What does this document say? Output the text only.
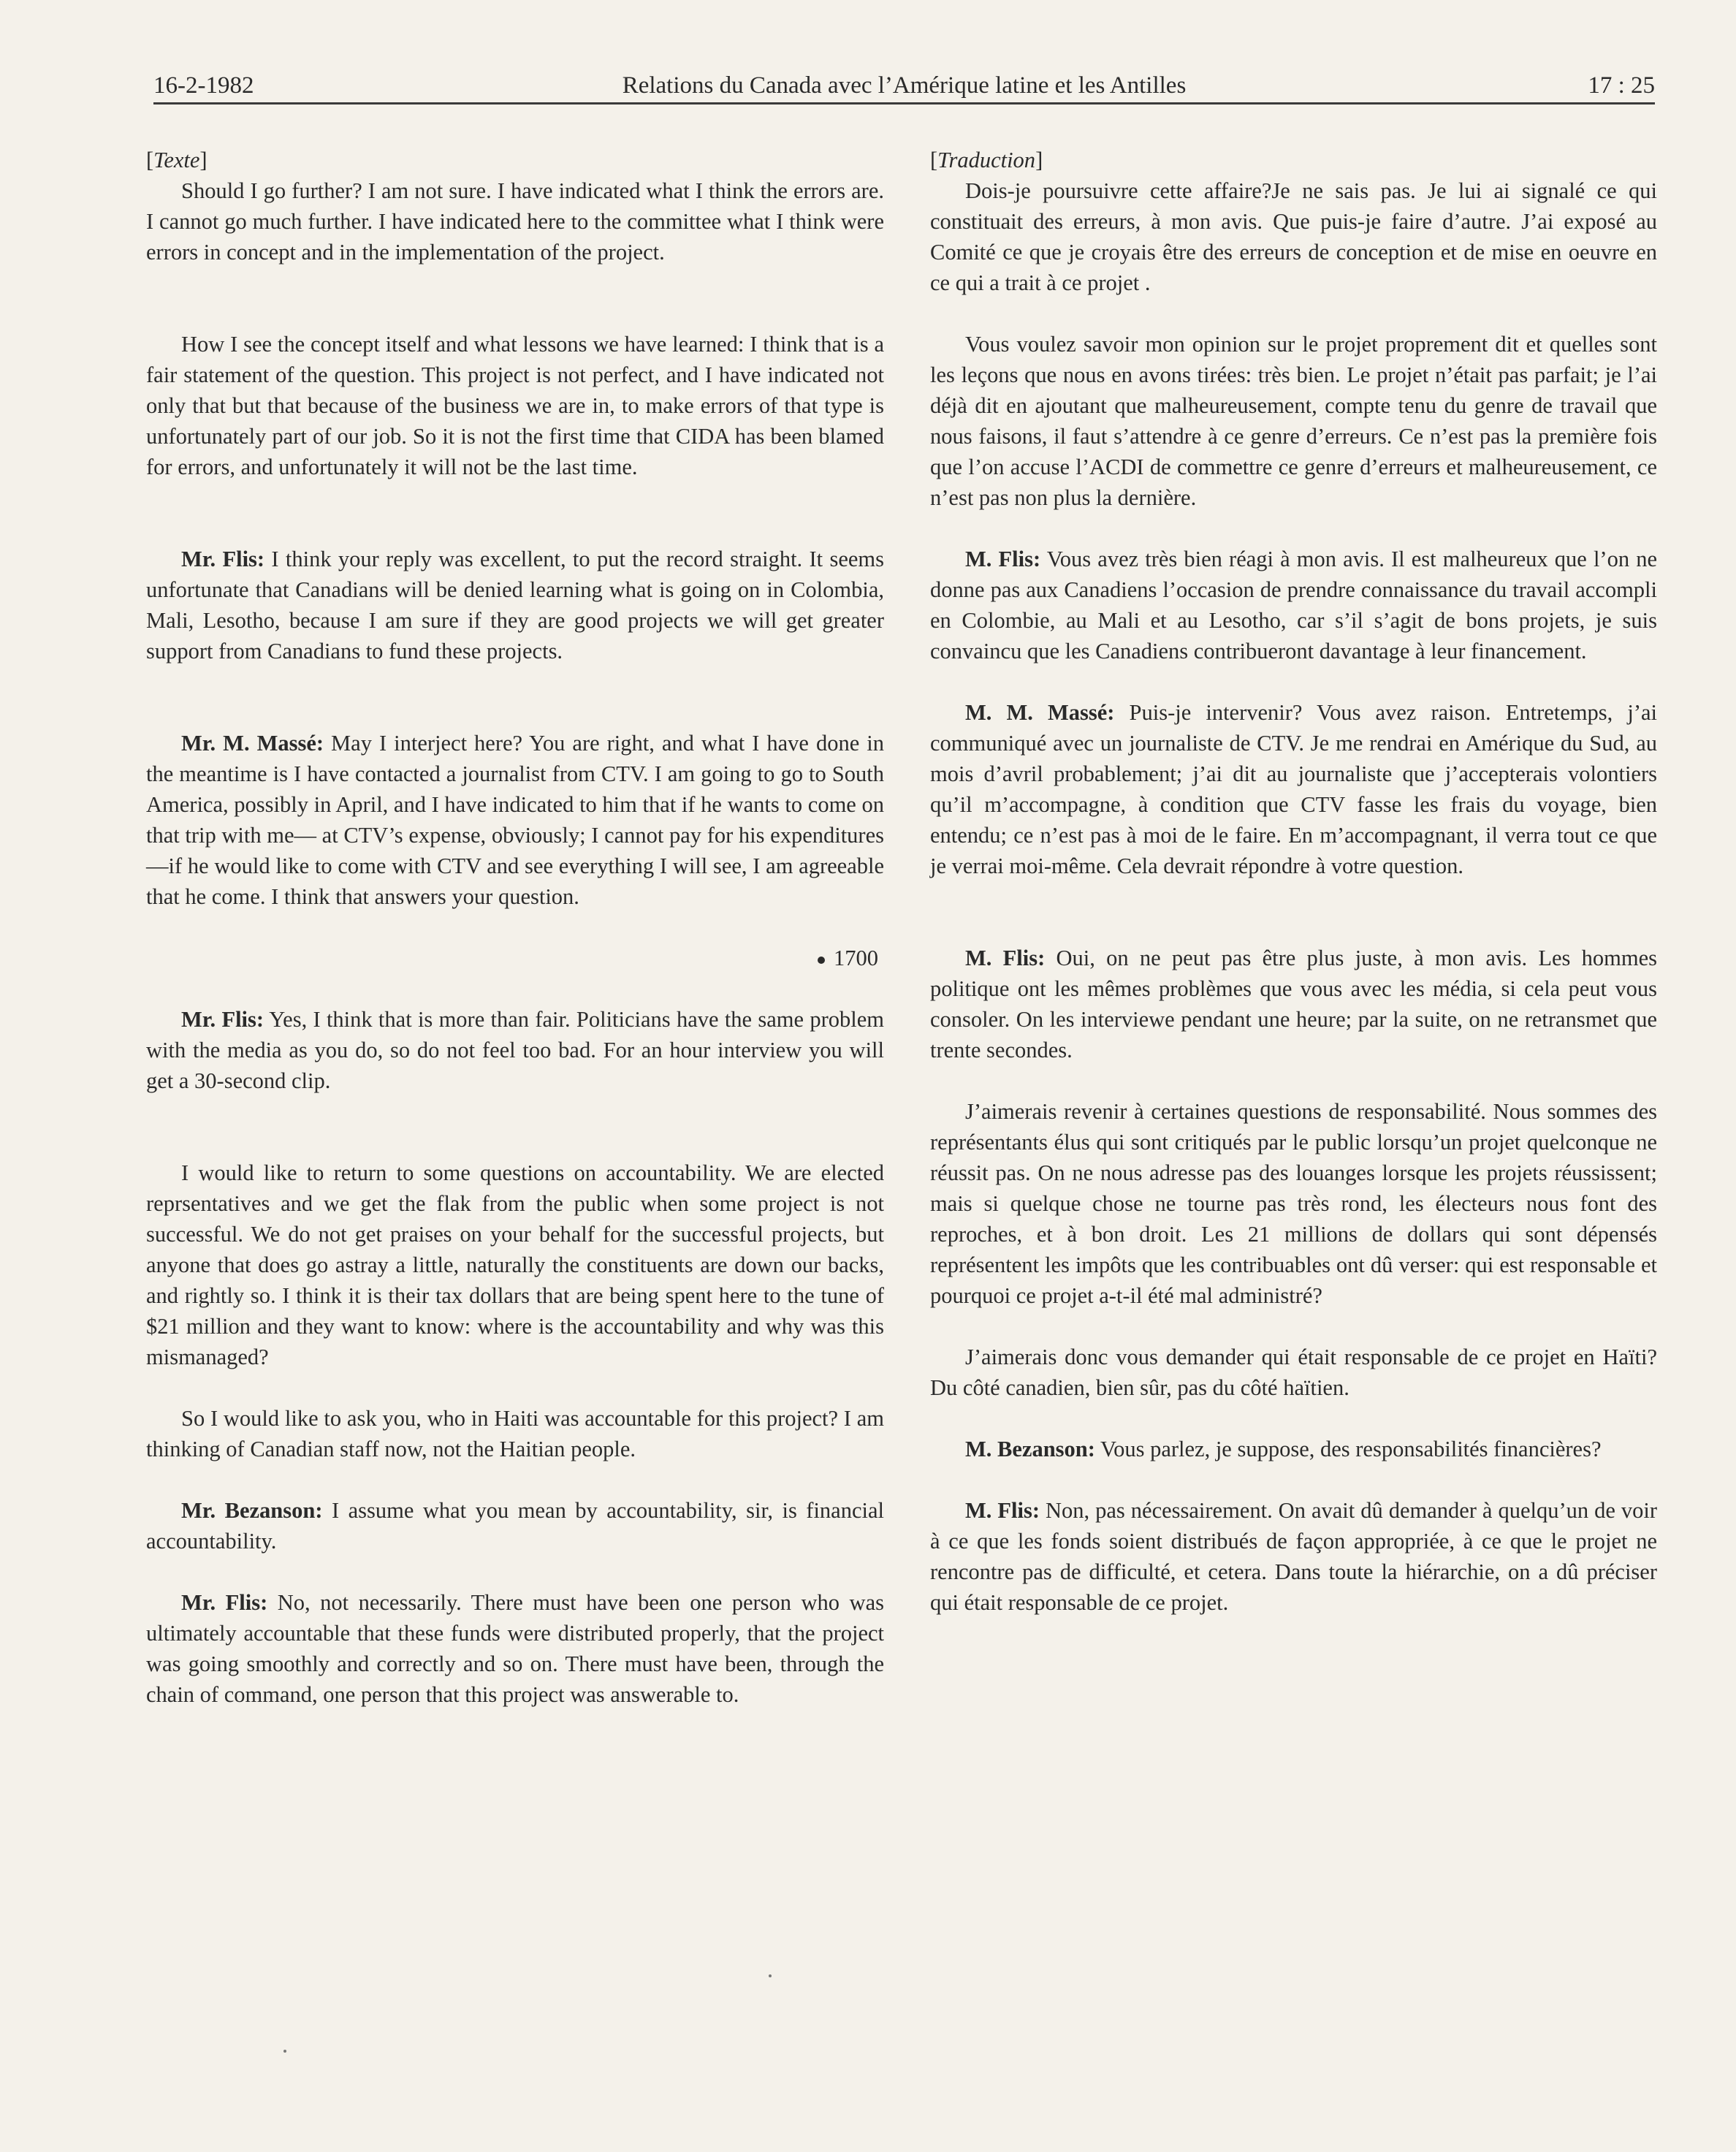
16-2-1982	Relations du Canada avec l’Amérique latine et les Antilles	17 : 25

[Texte]

Should I go further? I am not sure. I have indicated what I think the errors are. I cannot go much further. I have indicated here to the committee what I think were errors in concept and in the implementation of the project.

How I see the concept itself and what lessons we have learned: I think that is a fair statement of the question. This project is not perfect, and I have indicated not only that but that because of the business we are in, to make errors of that type is unfortunately part of our job. So it is not the first time that CIDA has been blamed for errors, and unfortunately it will not be the last time.

Mr. Flis: I think your reply was excellent, to put the record straight. It seems unfortunate that Canadians will be denied learning what is going on in Colombia, Mali, Lesotho, because I am sure if they are good projects we will get greater support from Canadians to fund these projects.

Mr. M. Massé: May I interject here? You are right, and what I have done in the meantime is I have contacted a journalist from CTV. I am going to go to South America, possibly in April, and I have indicated to him that if he wants to come on that trip with me— at CTV’s expense, obviously; I cannot pay for his expenditures—if he would like to come with CTV and see everything I will see, I am agreeable that he come. I think that answers your question.

1700

Mr. Flis: Yes, I think that is more than fair. Politicians have the same problem with the media as you do, so do not feel too bad. For an hour interview you will get a 30-second clip.

I would like to return to some questions on accountability. We are elected reprsentatives and we get the flak from the public when some project is not successful. We do not get praises on your behalf for the successful projects, but anyone that does go astray a little, naturally the constituents are down our backs, and rightly so. I think it is their tax dollars that are being spent here to the tune of $21 million and they want to know: where is the accountability and why was this mismanaged?

So I would like to ask you, who in Haiti was accountable for this project? I am thinking of Canadian staff now, not the Haitian people.

Mr. Bezanson: I assume what you mean by accountability, sir, is financial accountability.

Mr. Flis: No, not necessarily. There must have been one person who was ultimately accountable that these funds were distributed properly, that the project was going smoothly and correctly and so on. There must have been, through the chain of command, one person that this project was answerable to.

[Traduction]

Dois-je poursuivre cette affaire?Je ne sais pas. Je lui ai signalé ce qui constituait des erreurs, à mon avis. Que puis-je faire d’autre. J’ai exposé au Comité ce que je croyais être des erreurs de conception et de mise en oeuvre en ce qui a trait à ce projet .

Vous voulez savoir mon opinion sur le projet proprement dit et quelles sont les leçons que nous en avons tirées: très bien. Le projet n’était pas parfait; je l’ai déjà dit en ajoutant que malheureusement, compte tenu du genre de travail que nous faisons, il faut s’attendre à ce genre d’erreurs. Ce n’est pas la première fois que l’on accuse l’ACDI de commettre ce genre d’erreurs et malheureusement, ce n’est pas non plus la dernière.

M. Flis: Vous avez très bien réagi à mon avis. Il est malheureux que l’on ne donne pas aux Canadiens l’occasion de prendre connaissance du travail accompli en Colombie, au Mali et au Lesotho, car s’il s’agit de bons projets, je suis convaincu que les Canadiens contribueront davantage à leur financement.

M. M. Massé: Puis-je intervenir? Vous avez raison. Entretemps, j’ai communiqué avec un journaliste de CTV. Je me rendrai en Amérique du Sud, au mois d’avril probablement; j’ai dit au journaliste que j’accepterais volontiers qu’il m’accompagne, à condition que CTV fasse les frais du voyage, bien entendu; ce n’est pas à moi de le faire. En m’accompagnant, il verra tout ce que je verrai moi-même. Cela devrait répondre à votre question.

M. Flis: Oui, on ne peut pas être plus juste, à mon avis. Les hommes politique ont les mêmes problèmes que vous avec les média, si cela peut vous consoler. On les interviewe pendant une heure; par la suite, on ne retransmet que trente secondes.

J’aimerais revenir à certaines questions de responsabilité. Nous sommes des représentants élus qui sont critiqués par le public lorsqu’un projet quelconque ne réussit pas. On ne nous adresse pas des louanges lorsque les projets réussissent; mais si quelque chose ne tourne pas très rond, les électeurs nous font des reproches, et à bon droit. Les 21 millions de dollars qui sont dépensés représentent les impôts que les contribuables ont dû verser: qui est responsable et pourquoi ce projet a-t-il été mal administré?

J’aimerais donc vous demander qui était responsable de ce projet en Haïti? Du côté canadien, bien sûr, pas du côté haïtien.

M. Bezanson: Vous parlez, je suppose, des responsabilités financières?

M. Flis: Non, pas nécessairement. On avait dû demander à quelqu’un de voir à ce que les fonds soient distribués de façon appropriée, à ce que le projet ne rencontre pas de difficulté, et cetera. Dans toute la hiérarchie, on a dû préciser qui était responsable de ce projet.
